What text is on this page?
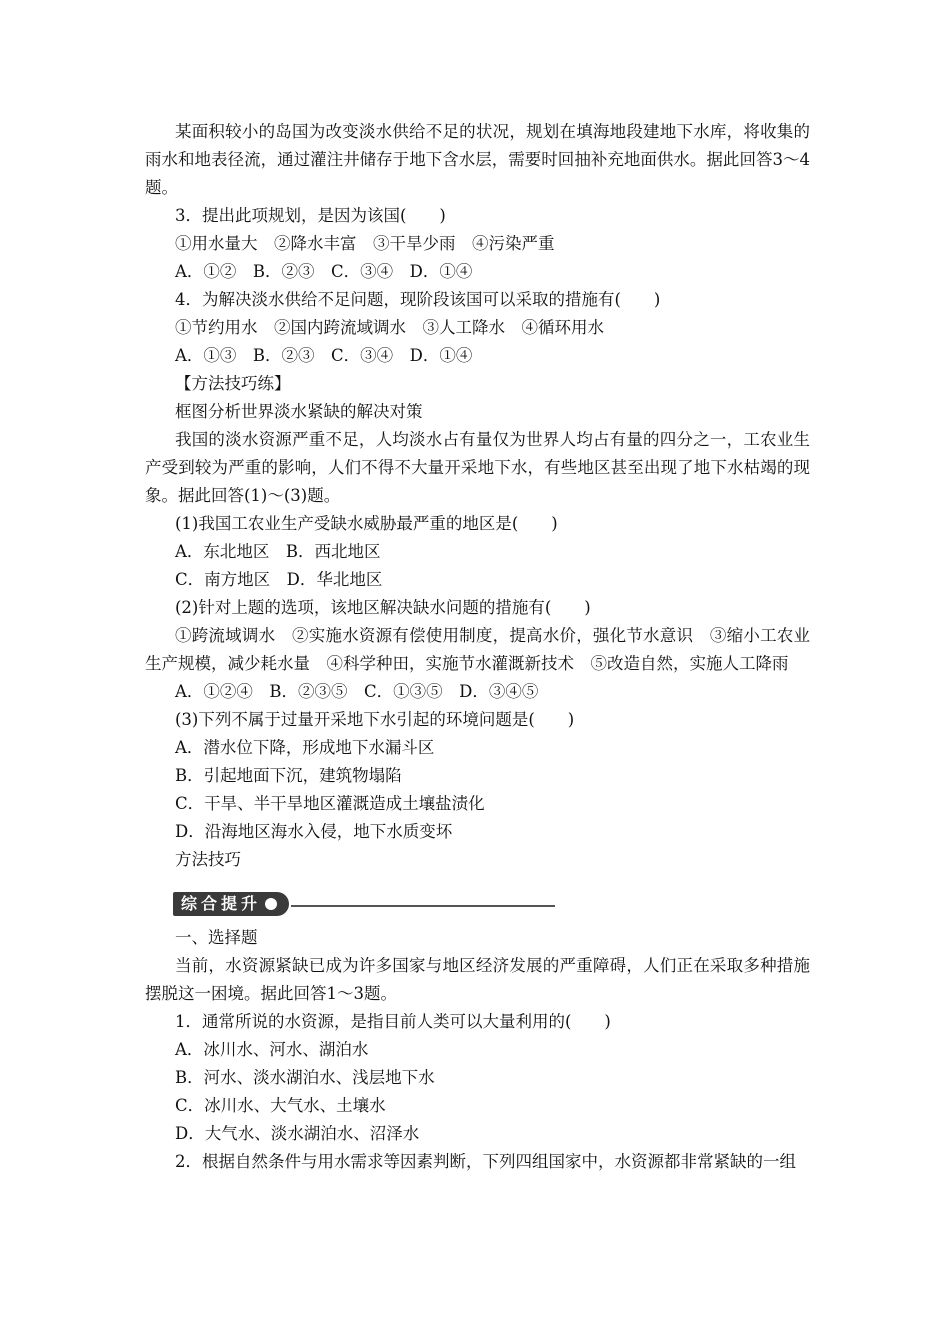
某面积较小的岛国为改变淡水供给不足的状况，规划在填海地段建地下水库，将收集的雨水和地表径流，通过灌注井储存于地下含水层，需要时回抽补充地面供水。据此回答3～4题。

3．提出此项规划，是因为该国(　　)

①用水量大　②降水丰富　③干旱少雨　④污染严重

A．①②　B．②③　C．③④　D．①④

4．为解决淡水供给不足问题，现阶段该国可以采取的措施有(　　)

①节约用水　②国内跨流域调水　③人工降水　④循环用水

A．①③　B．②③　C．③④　D．①④

【方法技巧练】

框图分析世界淡水紧缺的解决对策

我国的淡水资源严重不足，人均淡水占有量仅为世界人均占有量的四分之一，工农业生产受到较为严重的影响，人们不得不大量开采地下水，有些地区甚至出现了地下水枯竭的现象。据此回答(1)～(3)题。

(1)我国工农业生产受缺水威胁最严重的地区是(　　)

A．东北地区　B．西北地区

C．南方地区　D．华北地区

(2)针对上题的选项，该地区解决缺水问题的措施有(　　)

①跨流域调水　②实施水资源有偿使用制度，提高水价，强化节水意识　③缩小工农业生产规模，减少耗水量　④科学种田，实施节水灌溉新技术　⑤改造自然，实施人工降雨

A．①②④　B．②③⑤　C．①③⑤　D．③④⑤

(3)下列不属于过量开采地下水引起的环境问题是(　　)

A．潜水位下降，形成地下水漏斗区

B．引起地面下沉，建筑物塌陷

C．干旱、半干旱地区灌溉造成土壤盐渍化

D．沿海地区海水入侵，地下水质变坏

方法技巧

综合提升

一、选择题

当前，水资源紧缺已成为许多国家与地区经济发展的严重障碍，人们正在采取多种措施摆脱这一困境。据此回答1～3题。

1．通常所说的水资源，是指目前人类可以大量利用的(　　)

A．冰川水、河水、湖泊水

B．河水、淡水湖泊水、浅层地下水

C．冰川水、大气水、土壤水

D．大气水、淡水湖泊水、沼泽水

2．根据自然条件与用水需求等因素判断，下列四组国家中，水资源都非常紧缺的一组
